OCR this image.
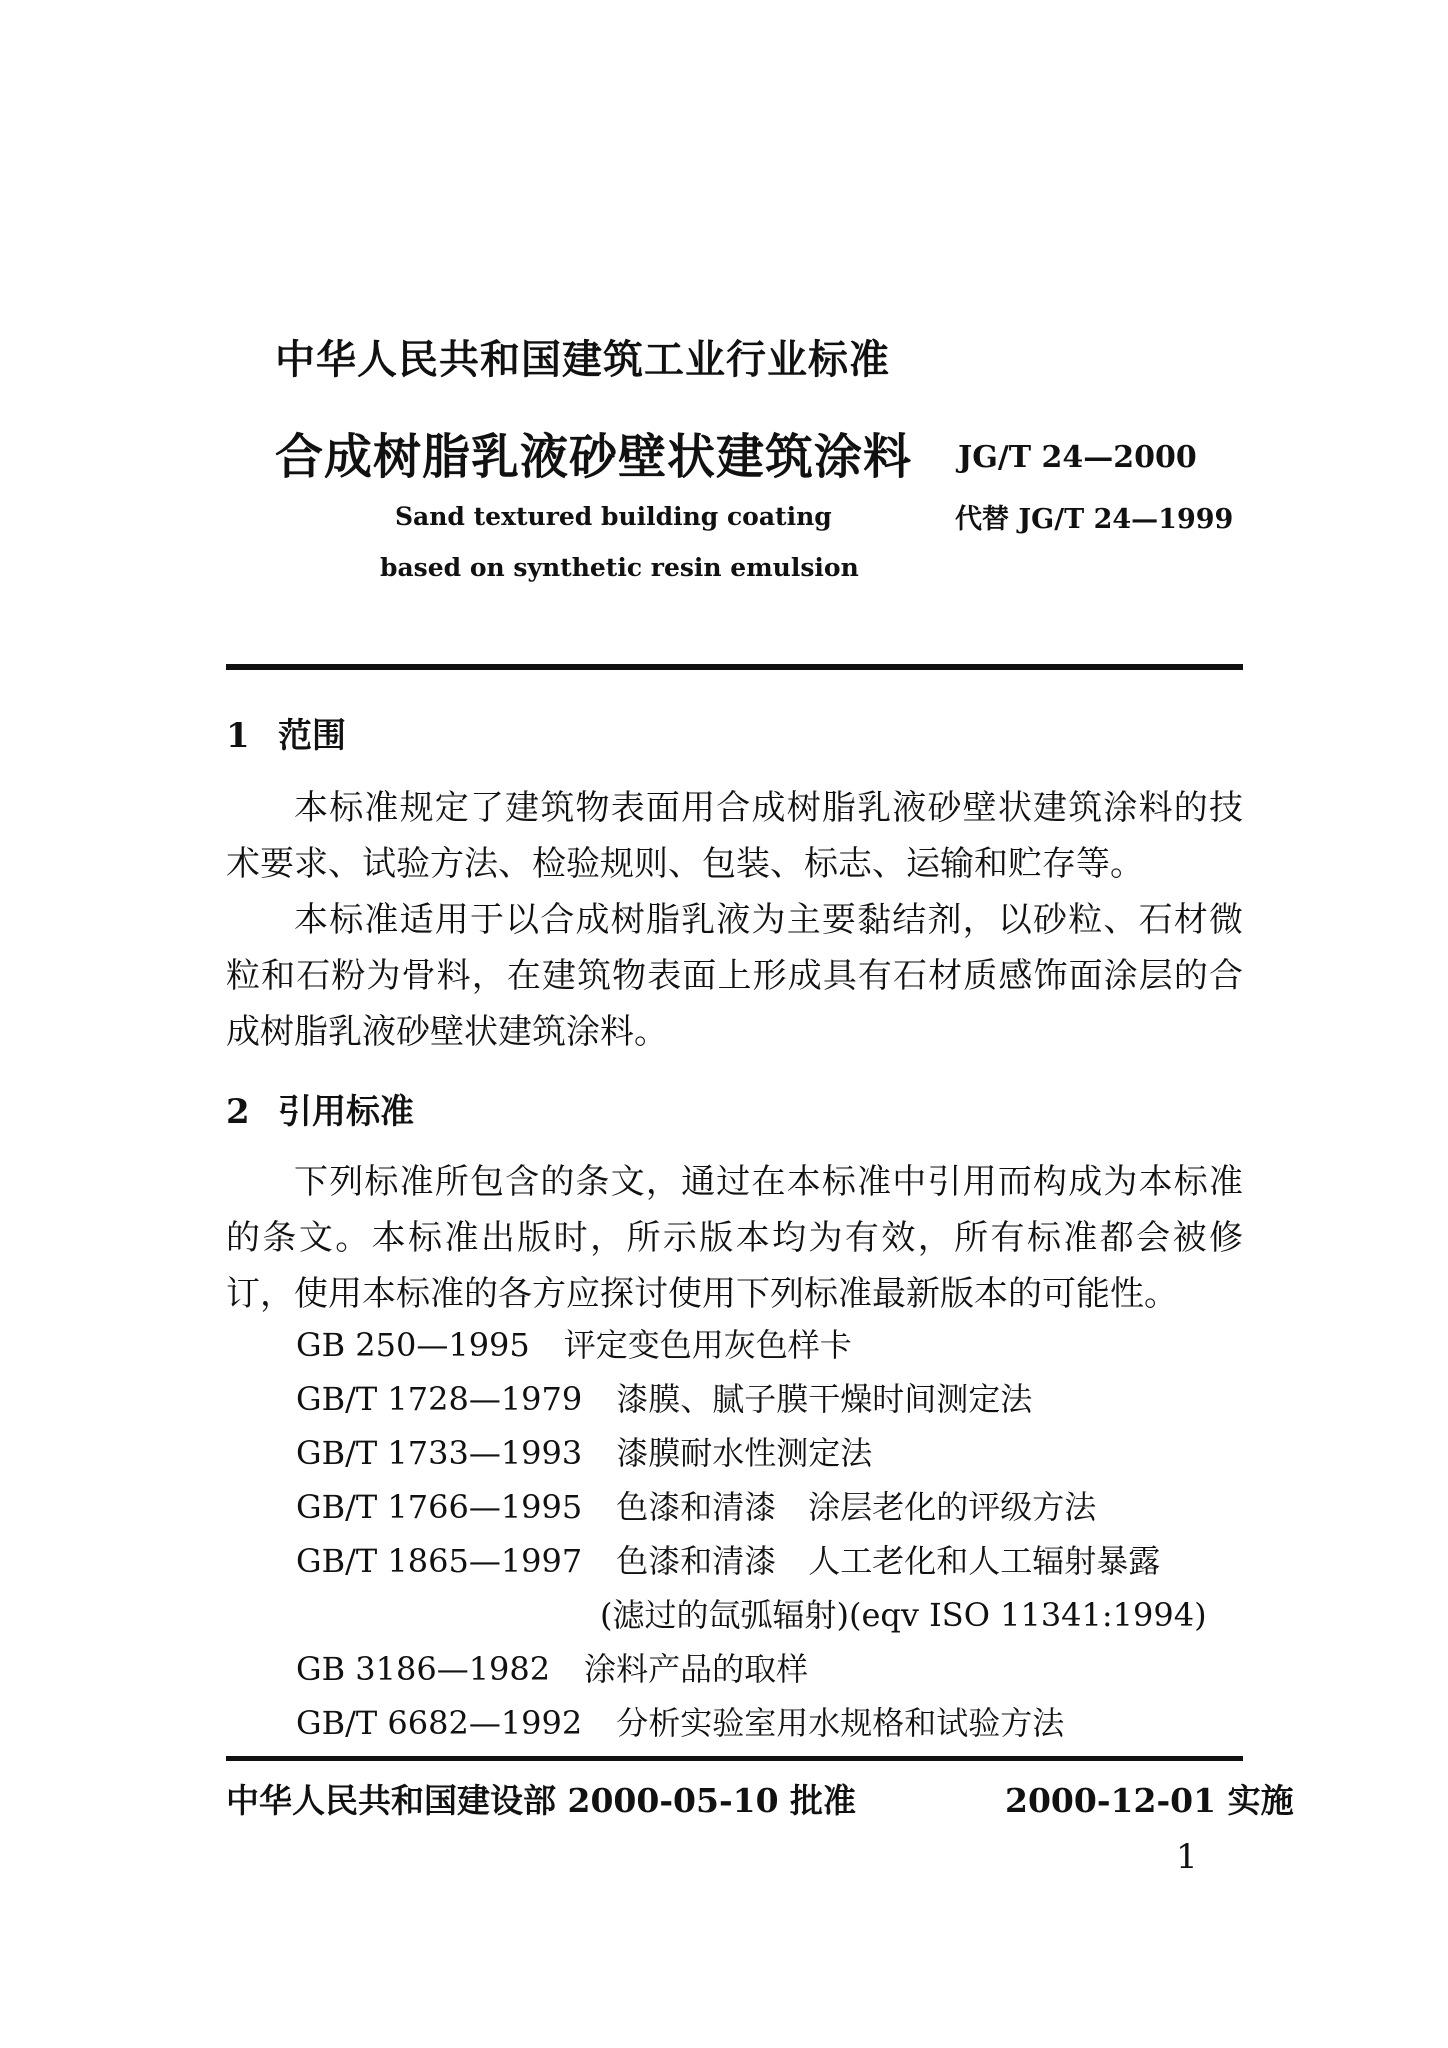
中华人民共和国建筑工业行业标准
合成树脂乳液砂壁状建筑涂料 JG/T 24—2000
代替 JG/T 24—1999
Sand textured building coating
based on synthetic resin emulsion
1 范围

本标准规定了建筑物表面用合成树脂乳液砂壁状建筑涂料的技术要求、试验方法、检验规则、包装、标志、运输和贮存等。

本标准适用于以合成树脂乳液为主要黏结剂，以砂粒、石材微粒和石粉为骨料，在建筑物表面上形成具有石材质感饰面涂层的合成树脂乳液砂壁状建筑涂料。

2 引用标准

下列标准所包含的条文，通过在本标准中引用而构成为本标准的条文。本标准出版时，所示版本均为有效，所有标准都会被修订，使用本标准的各方应探讨使用下列标准最新版本的可能性。

GB 250—1995 评定变色用灰色样卡
GB/T 1728—1979 漆膜、腻子膜干燥时间测定法
GB/T 1733—1993 漆膜耐水性测定法
GB/T 1766—1995 色漆和清漆　涂层老化的评级方法
GB/T 1865—1997 色漆和清漆　人工老化和人工辐射暴露
(滤过的氙弧辐射)(eqv ISO 11341:1994)
GB 3186—1982 涂料产品的取样
GB/T 6682—1992 分析实验室用水规格和试验方法
中华人民共和国建设部 2000-05-10 批准	2000-12-01 实施
1
